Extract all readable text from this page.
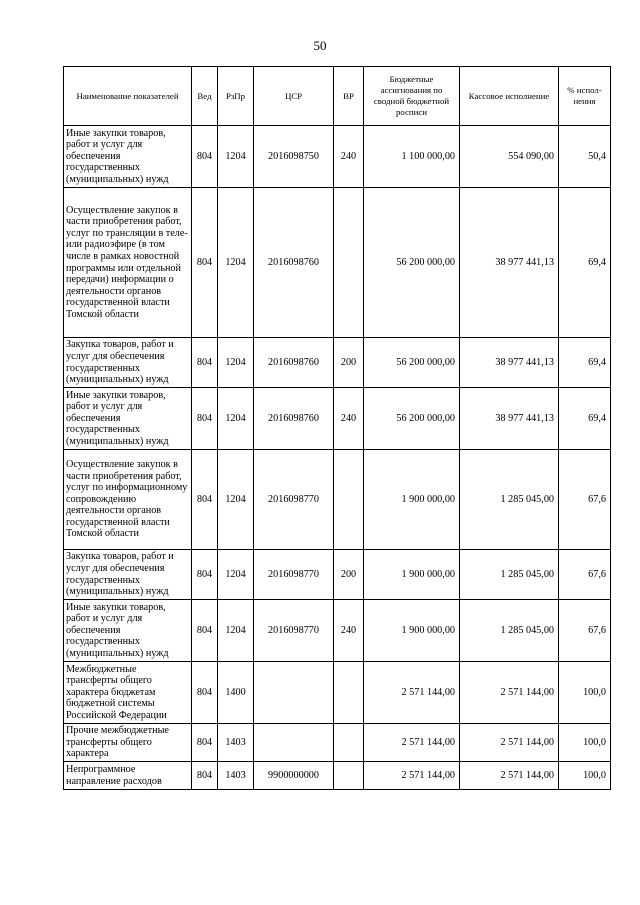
50
Наименование показателей	Вед	РзПр	ЦСР	ВР	Бюджетные ассигнования по сводной бюджетной росписи	Кассовое исполнение	% испол-нения
Иные закупки товаров, работ и услуг для обеспечения государственных (муниципальных) нужд	804	1204	2016098750	240	1 100 000,00	554 090,00	50,4
Осуществление закупок в части приобретения работ, услуг по трансляции в теле- или радиоэфире (в том числе в рамках новостной программы или отдельной передачи) информации о деятельности органов государственной власти Томской области	804	1204	2016098760		56 200 000,00	38 977 441,13	69,4
Закупка товаров, работ и услуг для обеспечения государственных (муниципальных) нужд	804	1204	2016098760	200	56 200 000,00	38 977 441,13	69,4
Иные закупки товаров, работ и услуг для обеспечения государственных (муниципальных) нужд	804	1204	2016098760	240	56 200 000,00	38 977 441,13	69,4
Осуществление закупок в части приобретения работ, услуг по информационному сопровождению деятельности органов государственной власти Томской области	804	1204	2016098770		1 900 000,00	1 285 045,00	67,6
Закупка товаров, работ и услуг для обеспечения государственных (муниципальных) нужд	804	1204	2016098770	200	1 900 000,00	1 285 045,00	67,6
Иные закупки товаров, работ и услуг для обеспечения государственных (муниципальных) нужд	804	1204	2016098770	240	1 900 000,00	1 285 045,00	67,6
Межбюджетные трансферты общего характера бюджетам бюджетной системы Российской Федерации	804	1400			2 571 144,00	2 571 144,00	100,0
Прочие межбюджетные трансферты общего характера	804	1403			2 571 144,00	2 571 144,00	100,0
Непрограммное направление расходов	804	1403	9900000000		2 571 144,00	2 571 144,00	100,0
